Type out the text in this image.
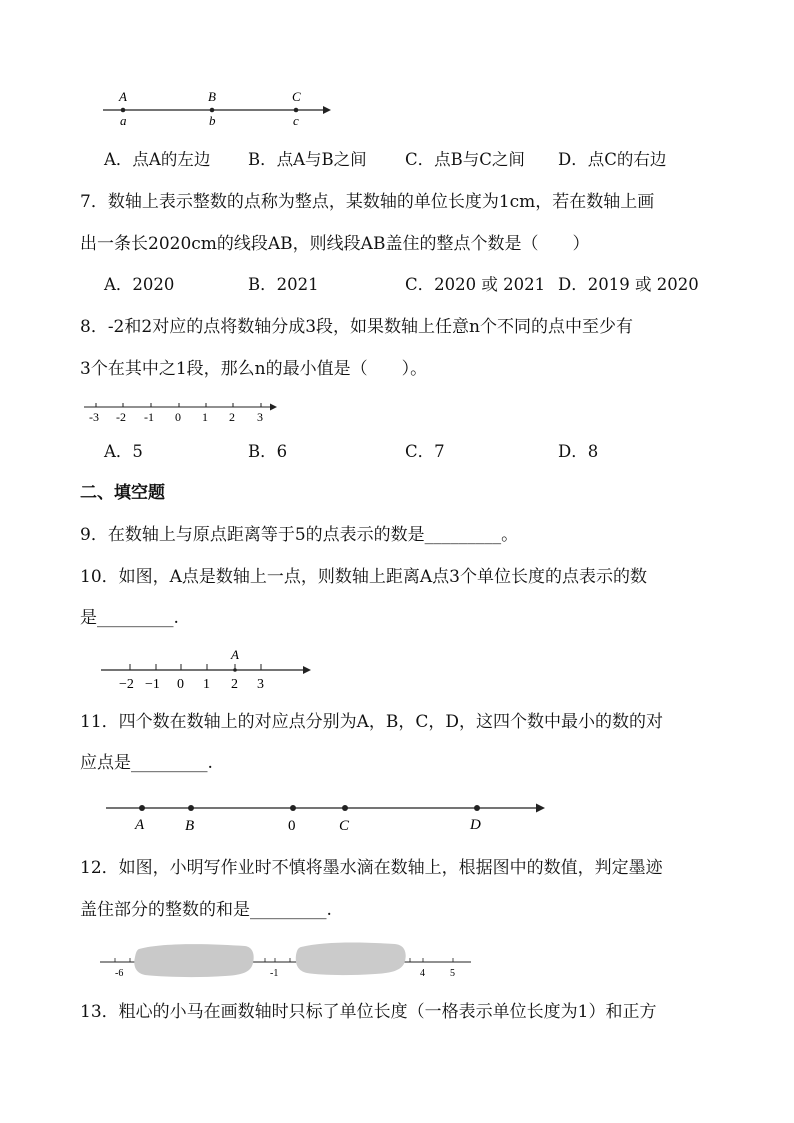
A	B	C
a	b	c
A．点A的左边 B．点A与B之间 C．点B与C之间 D．点C的右边
7．数轴上表示整数的点称为整点，某数轴的单位长度为1cm，若在数轴上画
出一条长2020cm的线段AB，则线段AB盖住的整点个数是（　　）
A．2020	B．2021	C．2020 或 2021 D．2019 或 2020
8．-2和2对应的点将数轴分成3段，如果数轴上任意n个不同的点中至少有
3个在其中之1段，那么n的最小值是（　　）。
-3 -2 -1 0 1 2 3
A．5	B．6	C．7	D．8
二、填空题
9．在数轴上与原点距离等于5的点表示的数是_________。
10．如图，A点是数轴上一点，则数轴上距离A点3个单位长度的点表示的数
是_________.
A
−2 −1 0 1 2 3
11．四个数在数轴上的对应点分别为A，B，C，D，这四个数中最小的数的对
应点是_________.
A	B	0	C	D
12．如图，小明写作业时不慎将墨水滴在数轴上，根据图中的数值，判定墨迹
盖住部分的整数的和是_________.
-6	-1	4	5
13．粗心的小马在画数轴时只标了单位长度（一格表示单位长度为1）和正方
